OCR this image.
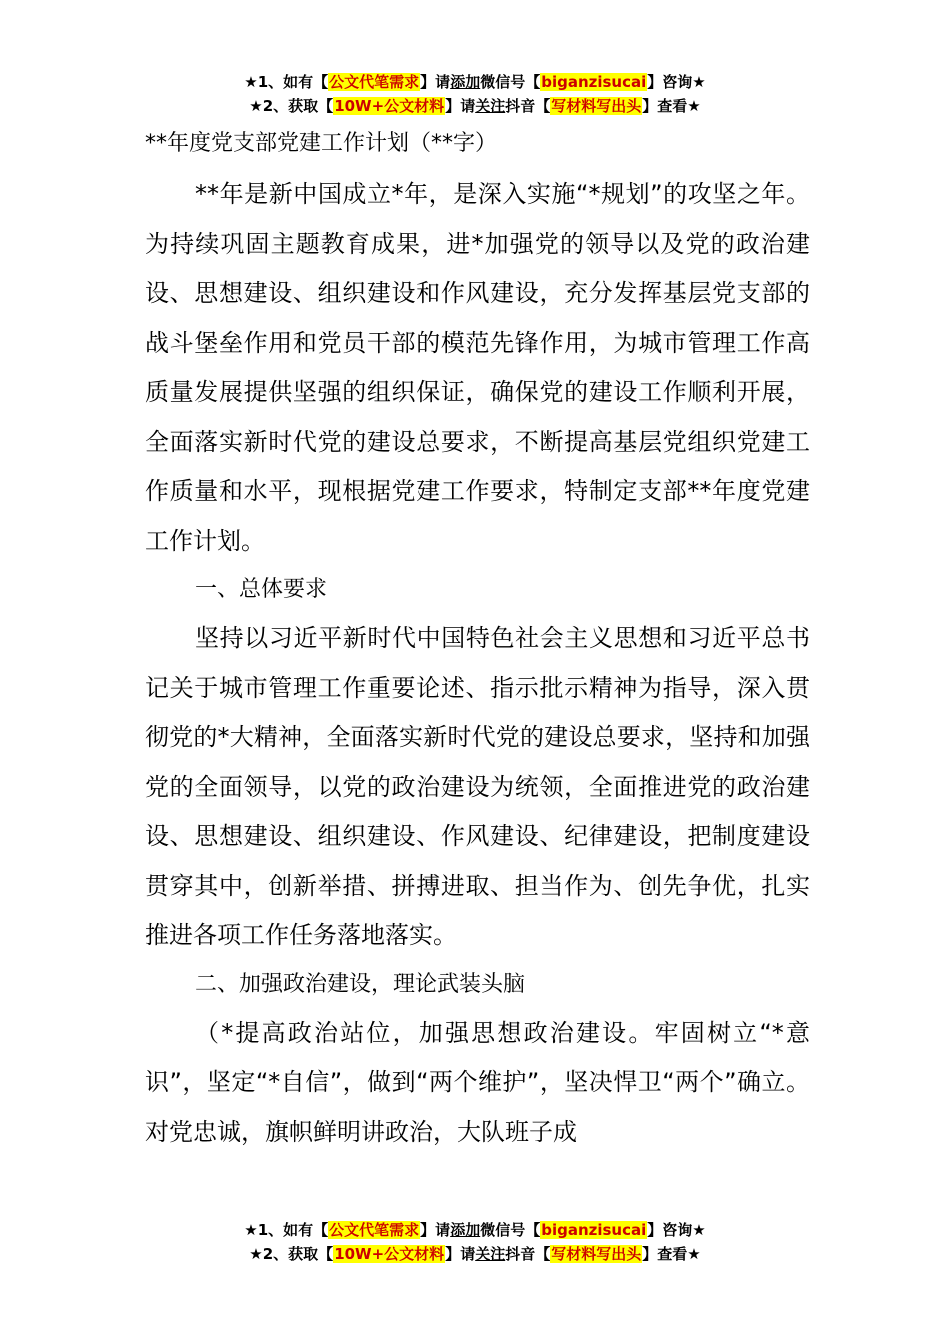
★1、如有【公文代笔需求】请添加微信号【biganzisucai】咨询★
★2、获取【10W+公文材料】请关注抖音【写材料写出头】查看★
**年度党支部党建工作计划（**字）

**年是新中国成立*年，是深入实施“*规划”的攻坚之年。为持续巩固主题教育成果，进*加强党的领导以及党的政治建设、思想建设、组织建设和作风建设，充分发挥基层党支部的战斗堡垒作用和党员干部的模范先锋作用，为城市管理工作高质量发展提供坚强的组织保证，确保党的建设工作顺利开展，全面落实新时代党的建设总要求，不断提高基层党组织党建工作质量和水平，现根据党建工作要求，特制定支部**年度党建工作计划。

一、总体要求

坚持以习近平新时代中国特色社会主义思想和习近平总书记关于城市管理工作重要论述、指示批示精神为指导，深入贯彻党的*大精神，全面落实新时代党的建设总要求，坚持和加强党的全面领导，以党的政治建设为统领，全面推进党的政治建设、思想建设、组织建设、作风建设、纪律建设，把制度建设贯穿其中，创新举措、拼搏进取、担当作为、创先争优，扎实推进各项工作任务落地落实。

二、加强政治建设，理论武装头脑

（*提高政治站位，加强思想政治建设。牢固树立“*意识”，坚定“*自信”，做到“两个维护”，坚决悍卫“两个”确立。对党忠诚，旗帜鲜明讲政治，大队班子成

★1、如有【公文代笔需求】请添加微信号【biganzisucai】咨询★
★2、获取【10W+公文材料】请关注抖音【写材料写出头】查看★
